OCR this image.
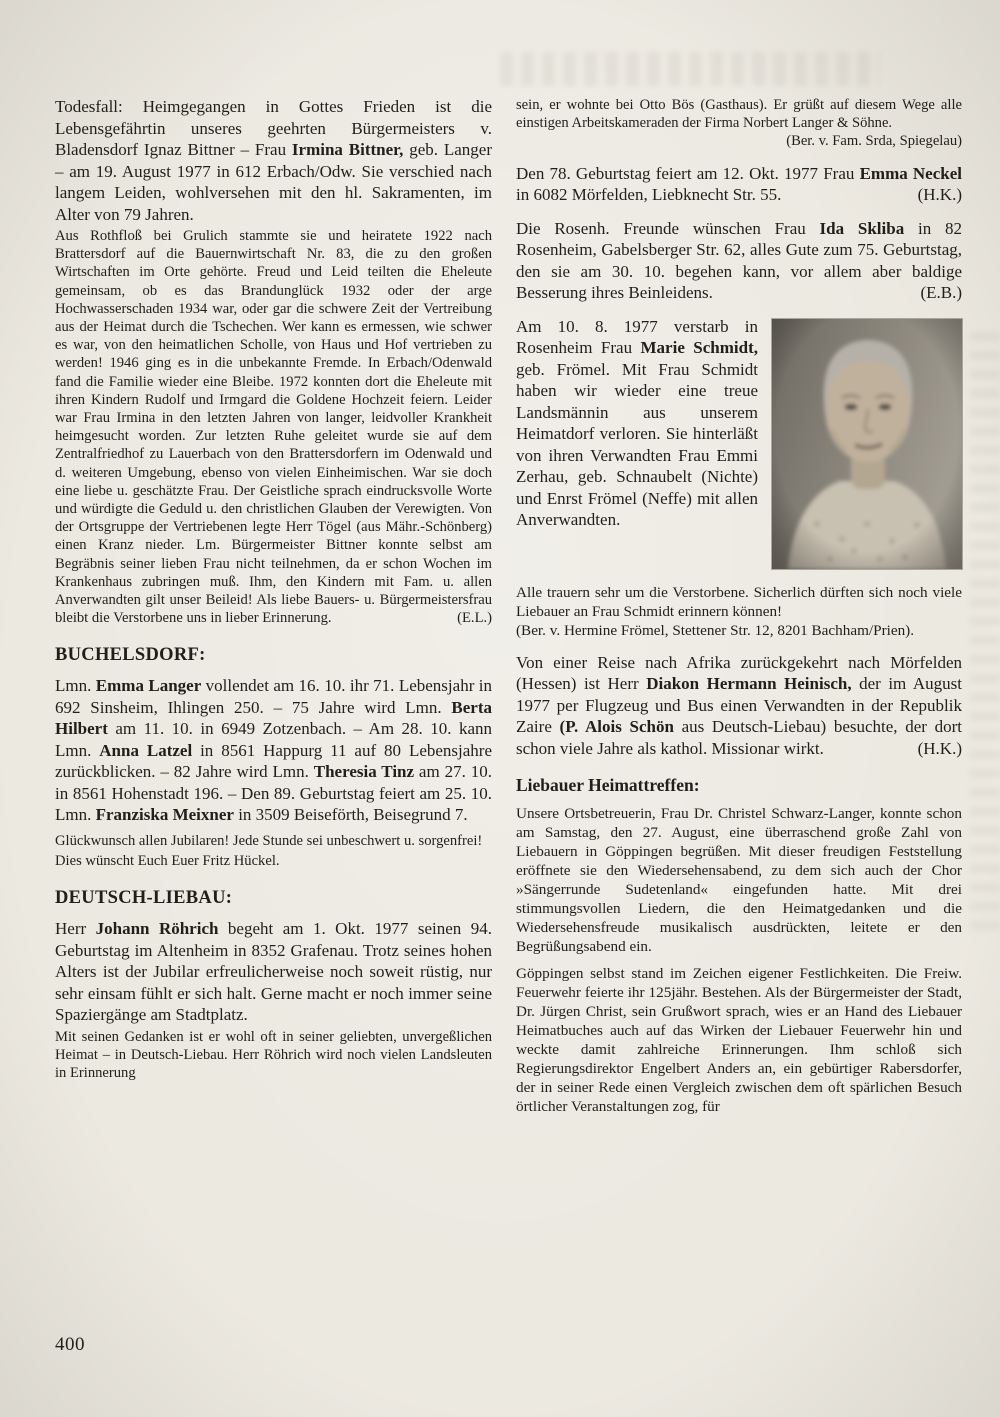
Todesfall: Heimgegangen in Gottes Frieden ist die Lebensgefährtin unseres geehrten Bürgermeisters v. Bladensdorf Ignaz Bittner – Frau Irmina Bittner, geb. Langer – am 19. August 1977 in 612 Erbach/Odw. Sie verschied nach langem Leiden, wohlversehen mit den hl. Sakramenten, im Alter von 79 Jahren.

Aus Rothfloß bei Grulich stammte sie und heiratete 1922 nach Brattersdorf auf die Bauernwirtschaft Nr. 83, die zu den großen Wirtschaften im Orte gehörte. Freud und Leid teilten die Eheleute gemeinsam, ob es das Brandunglück 1932 oder der arge Hochwasserschaden 1934 war, oder gar die schwere Zeit der Vertreibung aus der Heimat durch die Tschechen. Wer kann es ermessen, wie schwer es war, von den heimatlichen Scholle, von Haus und Hof vertrieben zu werden! 1946 ging es in die unbekannte Fremde. In Erbach/Odenwald fand die Familie wieder eine Bleibe. 1972 konnten dort die Eheleute mit ihren Kindern Rudolf und Irmgard die Goldene Hochzeit feiern. Leider war Frau Irmina in den letzten Jahren von langer, leidvoller Krankheit heimgesucht worden. Zur letzten Ruhe geleitet wurde sie auf dem Zentralfriedhof zu Lauerbach von den Brattersdorfern im Odenwald und d. weiteren Umgebung, ebenso von vielen Einheimischen. War sie doch eine liebe u. geschätzte Frau. Der Geistliche sprach eindrucksvolle Worte und würdigte die Geduld u. den christlichen Glauben der Verewigten. Von der Ortsgruppe der Vertriebenen legte Herr Tögel (aus Mähr.-Schönberg) einen Kranz nieder. Lm. Bürgermeister Bittner konnte selbst am Begräbnis seiner lieben Frau nicht teilnehmen, da er schon Wochen im Krankenhaus zubringen muß. Ihm, den Kindern mit Fam. u. allen Anverwandten gilt unser Beileid! Als liebe Bauers- u. Bürgermeistersfrau bleibt die Verstorbene uns in lieber Erinnerung.	(E.L.)

BUCHELSDORF:

Lmn. Emma Langer vollendet am 16. 10. ihr 71. Lebensjahr in 692 Sinsheim, Ihlingen 250. – 75 Jahre wird Lmn. Berta Hilbert am 11. 10. in 6949 Zotzenbach. – Am 28. 10. kann Lmn. Anna Latzel in 8561 Happurg 11 auf 80 Lebensjahre zurückblicken. – 82 Jahre wird Lmn. Theresia Tinz am 27. 10. in 8561 Hohenstadt 196. – Den 89. Geburtstag feiert am 25. 10. Lmn. Franziska Meixner in 3509 Beiseförth, Beisegrund 7.

Glückwunsch allen Jubilaren! Jede Stunde sei unbeschwert u. sorgenfrei!

Dies wünscht Euch Euer Fritz Hückel.

DEUTSCH-LIEBAU:

Herr Johann Röhrich begeht am 1. Okt. 1977 seinen 94. Geburtstag im Altenheim in 8352 Grafenau. Trotz seines hohen Alters ist der Jubilar erfreulicherweise noch soweit rüstig, nur sehr einsam fühlt er sich halt. Gerne macht er noch immer seine Spaziergänge am Stadtplatz.

Mit seinen Gedanken ist er wohl oft in seiner geliebten, unvergeßlichen Heimat – in Deutsch-Liebau. Herr Röhrich wird noch vielen Landsleuten in Erinnerung

sein, er wohnte bei Otto Bös (Gasthaus). Er grüßt auf diesem Wege alle einstigen Arbeitskameraden der Firma Norbert Langer & Söhne.

(Ber. v. Fam. Srda, Spiegelau)

Den 78. Geburtstag feiert am 12. Okt. 1977 Frau Emma Neckel in 6082 Mörfelden, Liebknecht Str. 55.	(H.K.)

Die Rosenh. Freunde wünschen Frau Ida Skliba in 82 Rosenheim, Gabelsberger Str. 62, alles Gute zum 75. Geburtstag, den sie am 30. 10. begehen kann, vor allem aber baldige Besserung ihres Beinleidens.	(E.B.)

Am 10. 8. 1977 verstarb in Rosenheim Frau Marie Schmidt, geb. Frömel. Mit Frau Schmidt haben wir wieder eine treue Landsmännin aus unserem Heimatdorf verloren. Sie hinterläßt von ihren Verwandten Frau Emmi Zerhau, geb. Schnaubelt (Nichte) und Enrst Frömel (Neffe) mit allen Anverwandten.

Alle trauern sehr um die Verstorbene. Sicherlich dürften sich noch viele Liebauer an Frau Schmidt erinnern können!

(Ber. v. Hermine Frömel, Stettener Str. 12, 8201 Bachham/Prien).

Von einer Reise nach Afrika zurückgekehrt nach Mörfelden (Hessen) ist Herr Diakon Hermann Heinisch, der im August 1977 per Flugzeug und Bus einen Verwandten in der Republik Zaire (P. Alois Schön aus Deutsch-Liebau) besuchte, der dort schon viele Jahre als kathol. Missionar wirkt.	(H.K.)

Liebauer Heimattreffen:

Unsere Ortsbetreuerin, Frau Dr. Christel Schwarz-Langer, konnte schon am Samstag, den 27. August, eine überraschend große Zahl von Liebauern in Göppingen begrüßen. Mit dieser freudigen Feststellung eröffnete sie den Wiedersehensabend, zu dem sich auch der Chor »Sängerrunde Sudetenland« eingefunden hatte. Mit drei stimmungsvollen Liedern, die den Heimatgedanken und die Wiedersehensfreude musikalisch ausdrückten, leitete er den Begrüßungsabend ein.

Göppingen selbst stand im Zeichen eigener Festlichkeiten. Die Freiw. Feuerwehr feierte ihr 125jähr. Bestehen. Als der Bürgermeister der Stadt, Dr. Jürgen Christ, sein Grußwort sprach, wies er an Hand des Liebauer Heimatbuches auch auf das Wirken der Liebauer Feuerwehr hin und weckte damit zahlreiche Erinnerungen. Ihm schloß sich Regierungsdirektor Engelbert Anders an, ein gebürtiger Rabersdorfer, der in seiner Rede einen Vergleich zwischen dem oft spärlichen Besuch örtlicher Veranstaltungen zog, für

400
